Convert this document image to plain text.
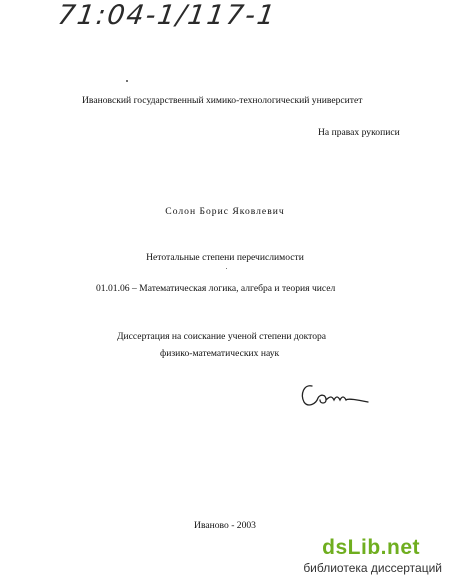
71:04-1/117-1
Ивановский государственный химико-технологический университет
На правах рукописи
Солон Борис Яковлевич
Нетотальные степени перечислимости
01.01.06 – Математическая логика, алгебра и теория чисел
Диссертация на соискание ученой степени доктора
физико-математических наук
Иваново - 2003
dsLib.net
библиотека диссертаций
